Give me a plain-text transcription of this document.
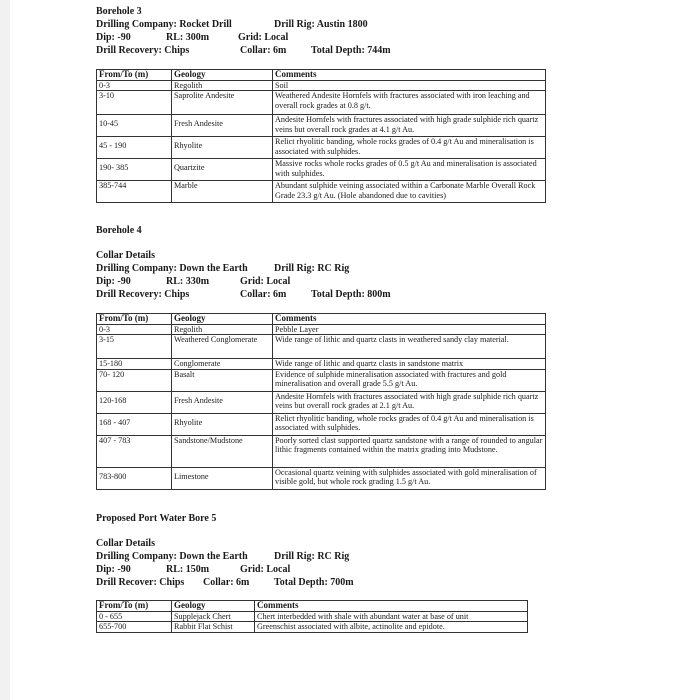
Borehole 3
Drilling Company: Rocket Drill	Drill Rig: Austin 1800
Dip: -90	RL: 300m	Grid: Local
Drill Recovery: Chips	Collar: 6m Total Depth: 744m
From/To (m)	Geology	Comments
0-3	Regolith	Soil
3-10	Saprolite Andesite	Weathered Andesite Hornfels with fractures associated with iron leaching and overall rock grades at 0.8 g/t.
10-45	Fresh Andesite	Andesite Hornfels with fractures associated with high grade sulphide rich quartz veins but overall rock grades at 4.1 g/t Au.
45 - 190	Rhyolite	Relict rhyolitic banding, whole rocks grades of 0.4 g/t Au and mineralisation is associated with sulphides.
190- 385	Quartzite	Massive rocks whole rocks grades of 0.5 g/t Au and mineralisation is associated with sulphides.
385-744	Marble	Abundant sulphide veining associated within a Carbonate Marble Overall Rock Grade 23.3 g/t Au. (Hole abandoned due to cavities)
Borehole 4
Collar Details
Drilling Company: Down the Earth	Drill Rig: RC Rig
Dip: -90	RL: 330m	Grid: Local
Drill Recovery: Chips	Collar: 6m Total Depth: 800m
From/To (m)	Geology	Comments
0-3	Regolith	Pebble Layer
3-15	Weathered Conglomerate	Wide range of lithic and quartz clasts in weathered sandy clay material.
15-180	Conglomerate	Wide range of lithic and quartz clasts in sandstone matrix
70- 120	Basalt	Evidence of sulphide mineralisation associated with fractures and gold mineralisation and overall grade 5.5 g/t Au.
120-168	Fresh Andesite	Andesite Hornfels with fractures associated with high grade sulphide rich quartz veins but overall rock grades at 2.1 g/t Au.
168 - 407	Rhyolite	Relict rhyolitic banding, whole rocks grades of 0.4 g/t Au and mineralisation is associated with sulphides.
407 - 783	Sandstone/Mudstone	Poorly sorted clast supported quartz sandstone with a range of rounded to angular lithic fragments contained within the matrix grading into Mudstone.
783-800	Limestone	Occasional quartz veining with sulphides associated with gold mineralisation of visible gold, but whole rock grading 1.5 g/t Au.
Proposed Port Water Bore 5
Collar Details
Drilling Company: Down the Earth	Drill Rig: RC Rig
Dip: -90	RL: 150m	Grid: Local
Drill Recover: Chips Collar: 6m Total Depth: 700m
From/To (m)	Geology	Comments
0 - 655	Supplejack Chert	Chert interbedded with shale with abundant water at base of unit
655-700	Rabbit Flat Schist	Greenschist associated with albite, actinolite and epidote.
